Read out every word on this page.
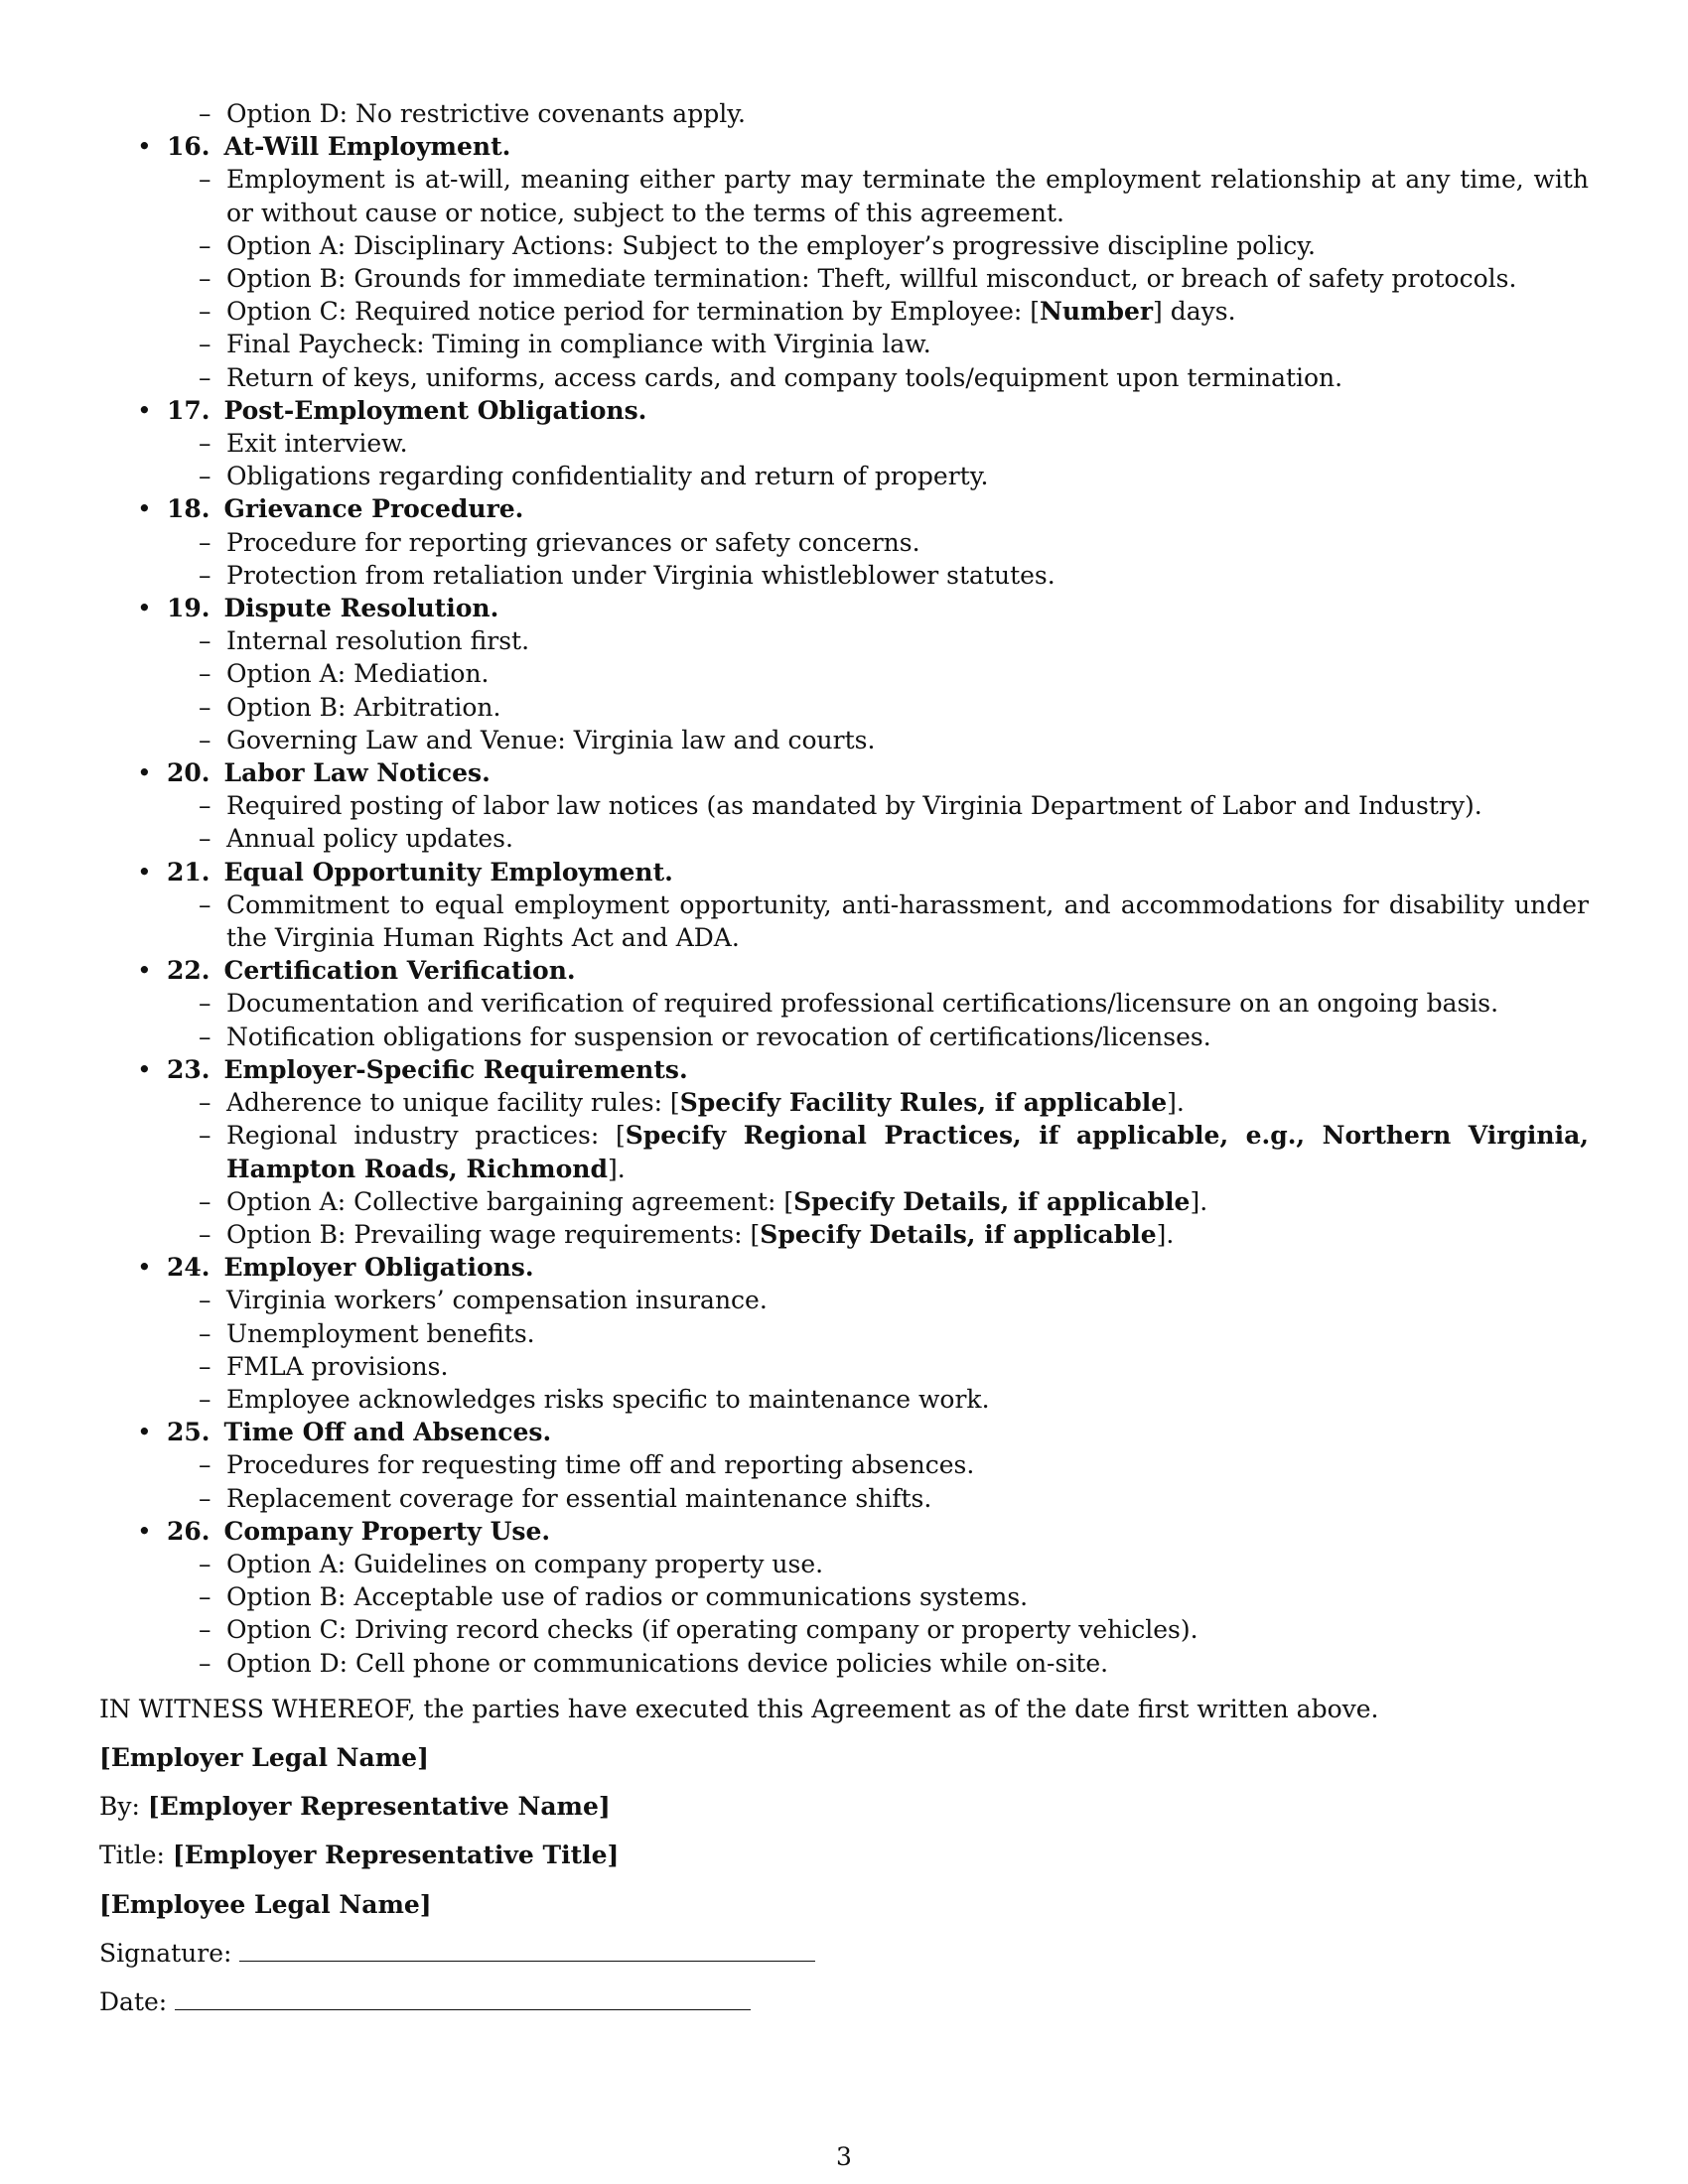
– Option D: No restrictive covenants apply.
• 16. At-Will Employment.
– Employment is at-will, meaning either party may terminate the employment relationship at any time, with or without cause or notice, subject to the terms of this agreement.
– Option A: Disciplinary Actions: Subject to the employer’s progressive discipline policy.
– Option B: Grounds for immediate termination: Theft, willful misconduct, or breach of safety protocols.
– Option C: Required notice period for termination by Employee: [Number] days.
– Final Paycheck: Timing in compliance with Virginia law.
– Return of keys, uniforms, access cards, and company tools/equipment upon termination.
• 17. Post-Employment Obligations.
– Exit interview.
– Obligations regarding confidentiality and return of property.
• 18. Grievance Procedure.
– Procedure for reporting grievances or safety concerns.
– Protection from retaliation under Virginia whistleblower statutes.
• 19. Dispute Resolution.
– Internal resolution first.
– Option A: Mediation.
– Option B: Arbitration.
– Governing Law and Venue: Virginia law and courts.
• 20. Labor Law Notices.
– Required posting of labor law notices (as mandated by Virginia Department of Labor and Industry).
– Annual policy updates.
• 21. Equal Opportunity Employment.
– Commitment to equal employment opportunity, anti-harassment, and accommodations for disability under the Virginia Human Rights Act and ADA.
• 22. Certification Verification.
– Documentation and verification of required professional certifications/licensure on an ongoing basis.
– Notification obligations for suspension or revocation of certifications/licenses.
• 23. Employer-Specific Requirements.
– Adherence to unique facility rules: [Specify Facility Rules, if applicable].
– Regional industry practices: [Specify Regional Practices, if applicable, e.g., Northern Virginia, Hampton Roads, Richmond].
– Option A: Collective bargaining agreement: [Specify Details, if applicable].
– Option B: Prevailing wage requirements: [Specify Details, if applicable].
• 24. Employer Obligations.
– Virginia workers’ compensation insurance.
– Unemployment benefits.
– FMLA provisions.
– Employee acknowledges risks specific to maintenance work.
• 25. Time Off and Absences.
– Procedures for requesting time off and reporting absences.
– Replacement coverage for essential maintenance shifts.
• 26. Company Property Use.
– Option A: Guidelines on company property use.
– Option B: Acceptable use of radios or communications systems.
– Option C: Driving record checks (if operating company or property vehicles).
– Option D: Cell phone or communications device policies while on-site.
IN WITNESS WHEREOF, the parties have executed this Agreement as of the date first written above.
[Employer Legal Name]
By: [Employer Representative Name]
Title: [Employer Representative Title]
[Employee Legal Name]
Signature:
Date:
3
